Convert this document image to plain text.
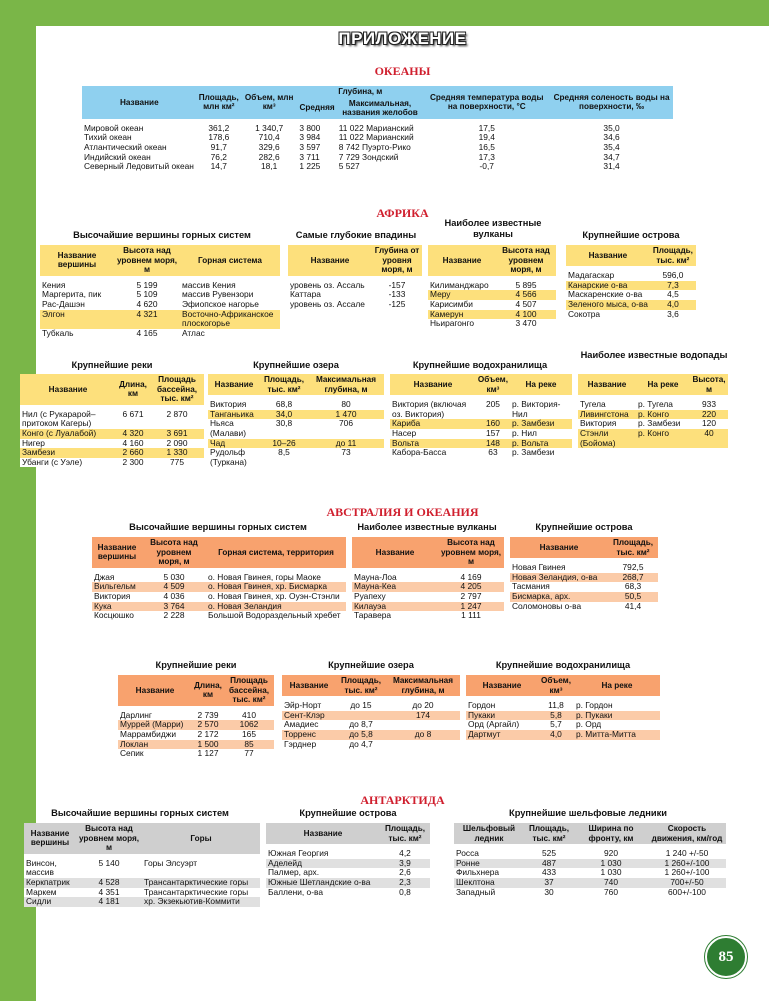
ПРИЛОЖЕНИЕ
ОКЕАНЫ
Название	Площадь, млн км²	Объем, млн км³	Глубина, м		Средняя температура воды на поверхности, °С	Средняя соленость воды на поверхности, ‰
			Средняя	Максимальная, названия желобов		

Мировой океан	361,2	1 340,7	3 800	11 022 Марианский	17,5	35,0
Тихий океан	178,6	710,4	3 984	11 022 Марианский	19,4	34,6
Атлантический океан	91,7	329,6	3 597	8 742 Пуэрто-Рико	16,5	35,4
Индийский океан	76,2	282,6	3 711	7 729 Зондский	17,3	34,7
Северный Ледовитый океан	14,7	18,1	1 225	5 527	-0,7	31,4
АФРИКА
Высочайшие вершины горных систем
Название вершины	Высота над уровнем моря, м	Горная система

Кения	5 199	массив Кения
Маргерита, пик	5 109	массив Рувензори
Рас-Дашэн	4 620	Эфиопское нагорье
Элгон	4 321	Восточно-Африканское плоскогорье
Тубкаль	4 165	Атлас
Самые глубокие впадины
Название	Глубина от уровня моря, м

уровень оз. Ассаль	-157
Каттара	-133
уровень оз. Ассале	-125
Наиболее известные вулканы
Название	Высота над уровнем моря, м

Килиманджаро	5 895
Меру	4 566
Карисимби	4 507
Камерун	4 100
Ньирагонго	3 470
Крупнейшие острова
Название	Площадь, тыс. км²

Мадагаскар	596,0
Канарские о-ва	7,3
Маскаренские о-ва	4,5
Зеленого мыса, о-ва	4,0
Сокотра	3,6
Крупнейшие реки
Название	Длина, км	Площадь бассейна, тыс. км²

Нил (с Рукарарой–притоком Кагеры)	6 671	2 870
Конго (с Луалабой)	4 320	3 691
Нигер	4 160	2 090
Замбези	2 660	1 330
Убанги (с Уэле)	2 300	775
Крупнейшие озера
Название	Площадь, тыс. км²	Максимальная глубина, м

Виктория	68,8	80
Танганьика	34,0	1 470
Ньяса (Малави)	30,8	706
Чад	10–26	до 11
Рудольф (Туркана)	8,5	73
Крупнейшие водохранилища
Название	Объем, км³	На реке

Виктория (включая оз. Виктория)	205	р. Виктория-Нил
Кариба	160	р. Замбези
Насер	157	р. Нил
Вольта	148	р. Вольта
Кабора-Басса	63	р. Замбези
Наиболее известные водопады
Название	На реке	Высота, м

Тугела	р. Тугела	933
Ливингстона	р. Конго	220
Виктория	р. Замбези	120
Стэнли (Бойома)	р. Конго	40
АВСТРАЛИЯ И ОКЕАНИЯ
Высочайшие вершины горных систем
Название вершины	Высота над уровнем моря, м	Горная система, территория

Джая	5 030	о. Новая Гвинея, горы Маоке
Вильгельм	4 509	о. Новая Гвинея, хр. Бисмарка
Виктория	4 036	о. Новая Гвинея, хр. Оуэн-Стэнли
Кука	3 764	о. Новая Зеландия
Косцюшко	2 228	Большой Водораздельный хребет
Наиболее известные вулканы
Название	Высота над уровнем моря, м

Мауна-Лоа	4 169
Мауна-Кеа	4 205
Руапеху	2 797
Килауэа	1 247
Таравера	1 111
Крупнейшие острова
Название	Площадь, тыс. км²

Новая Гвинея	792,5
Новая Зеландия, о-ва	268,7
Тасмания	68,3
Бисмарка, арх.	50,5
Соломоновы о-ва	41,4
Крупнейшие реки
Название	Длина, км	Площадь бассейна, тыс. км²

Дарлинг	2 739	410
Муррей (Марри)	2 570	1062
Маррамбиджи	2 172	165
Локлан	1 500	85
Сепик	1 127	77
Крупнейшие озера
Название	Площадь, тыс. км²	Максимальная глубина, м

Эйр-Норт	до 15	до 20
Сент-Клэр		174
Амадиес	до 8,7	
Торренс	до 5,8	до 8
Гэрднер	до 4,7	
Крупнейшие водохранилища
Название	Объем, км³	На реке

Гордон	11,8	р. Гордон
Пукаки	5,8	р. Пукаки
Орд (Аргайл)	5,7	р. Орд
Дартмут	4,0	р. Митта-Митта
АНТАРКТИДА
Высочайшие вершины горных систем
Название вершины	Высота над уровнем моря, м	Горы

Винсон, массив	5 140	Горы Элсуэрт
Керкпатрик	4 528	Трансантарктические горы
Маркем	4 351	Трансантарктические горы
Сидли	4 181	хр. Экзекьютив-Коммити
Крупнейшие острова
Название	Площадь, тыс. км²

Южная Георгия	4,2
Аделейд	3,9
Палмер, арх.	2,6
Южные Шетландские о-ва	2,3
Баллени, о-ва	0,8
Крупнейшие шельфовые ледники
Шельфовый ледник	Площадь, тыс. км²	Ширина по фронту, км	Скорость движения, км/год

Росса	525	920	1 240 +/-50
Ронне	487	1 030	1 260+/-100
Фильхнера	433	1 030	1 260+/-100
Шеклтона	37	740	700+/-50
Западный	30	760	600+/-100
85
